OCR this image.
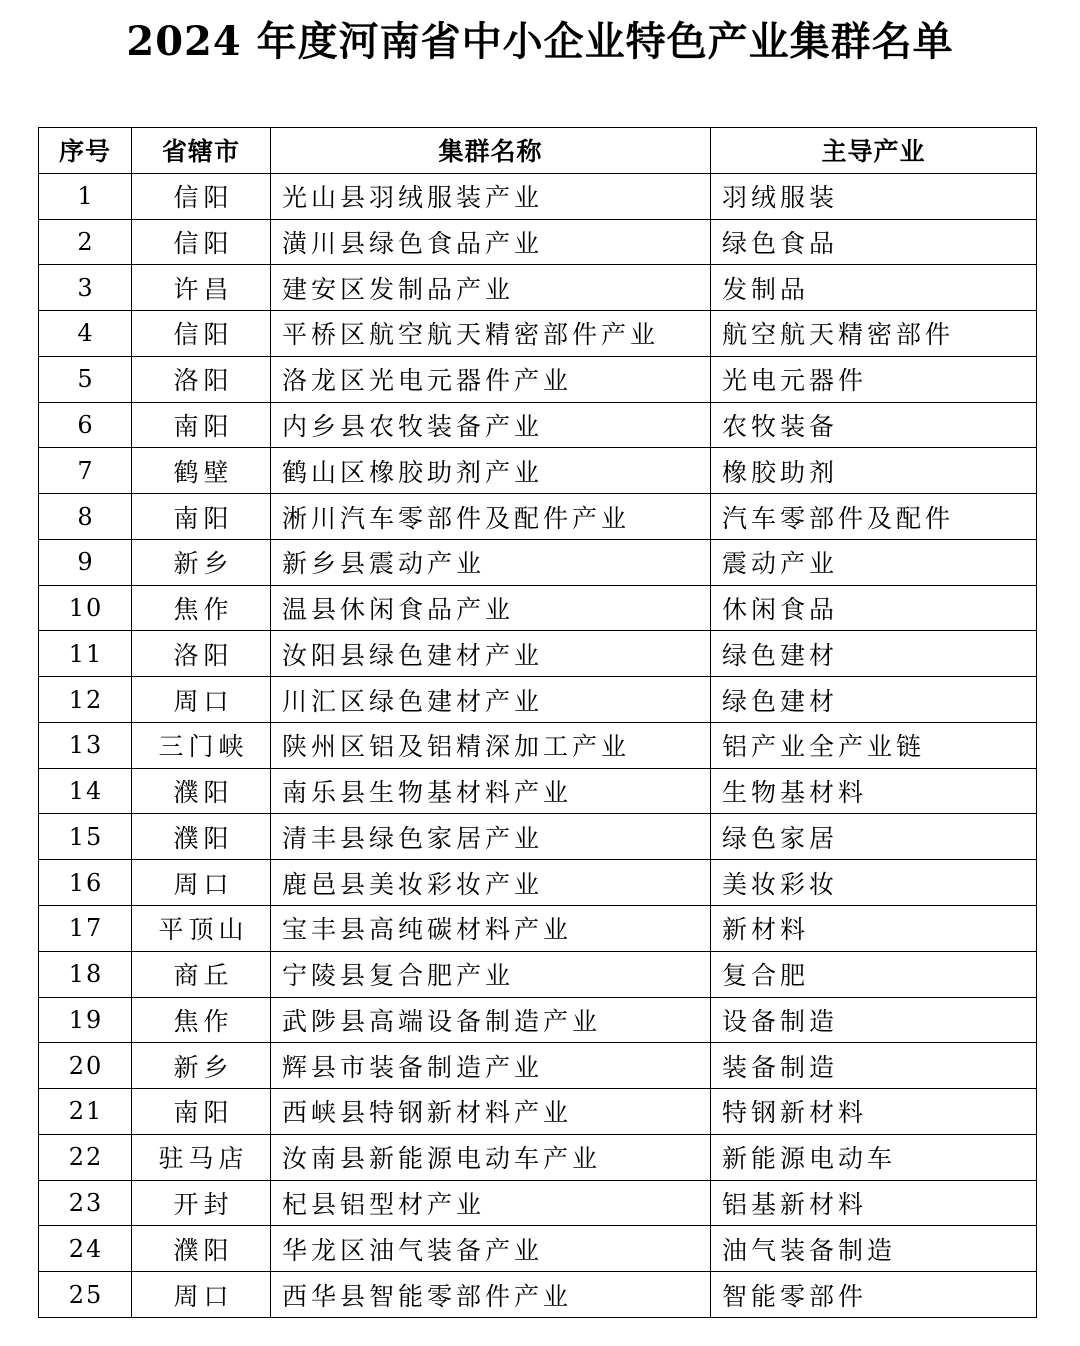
2024 年度河南省中小企业特色产业集群名单
序号	省辖市	集群名称	主导产业
1	信阳	光山县羽绒服装产业	羽绒服装
2	信阳	潢川县绿色食品产业	绿色食品
3	许昌	建安区发制品产业	发制品
4	信阳	平桥区航空航天精密部件产业	航空航天精密部件
5	洛阳	洛龙区光电元器件产业	光电元器件
6	南阳	内乡县农牧装备产业	农牧装备
7	鹤壁	鹤山区橡胶助剂产业	橡胶助剂
8	南阳	淅川汽车零部件及配件产业	汽车零部件及配件
9	新乡	新乡县震动产业	震动产业
10	焦作	温县休闲食品产业	休闲食品
11	洛阳	汝阳县绿色建材产业	绿色建材
12	周口	川汇区绿色建材产业	绿色建材
13	三门峡	陕州区铝及铝精深加工产业	铝产业全产业链
14	濮阳	南乐县生物基材料产业	生物基材料
15	濮阳	清丰县绿色家居产业	绿色家居
16	周口	鹿邑县美妆彩妆产业	美妆彩妆
17	平顶山	宝丰县高纯碳材料产业	新材料
18	商丘	宁陵县复合肥产业	复合肥
19	焦作	武陟县高端设备制造产业	设备制造
20	新乡	辉县市装备制造产业	装备制造
21	南阳	西峡县特钢新材料产业	特钢新材料
22	驻马店	汝南县新能源电动车产业	新能源电动车
23	开封	杞县铝型材产业	铝基新材料
24	濮阳	华龙区油气装备产业	油气装备制造
25	周口	西华县智能零部件产业	智能零部件
